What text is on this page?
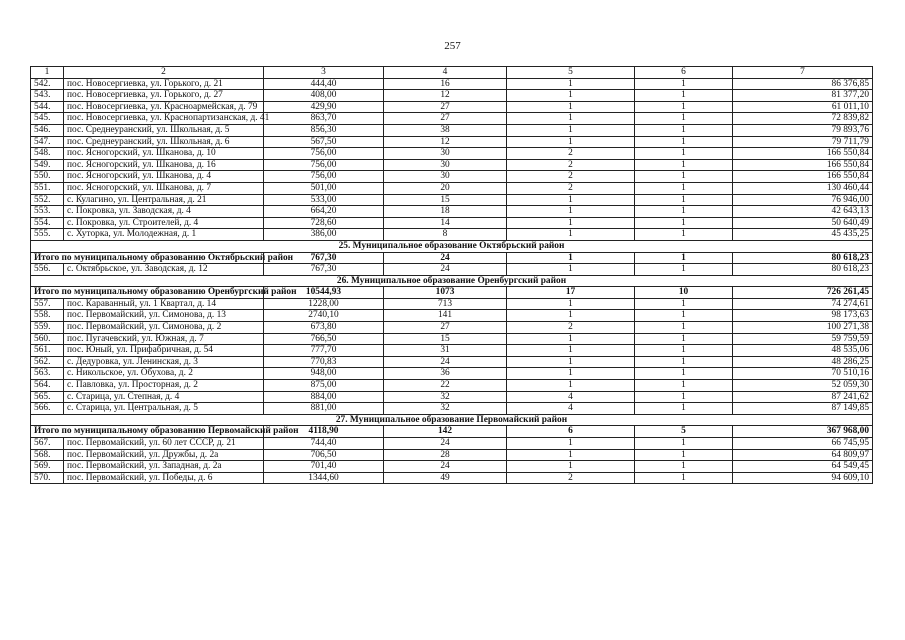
257
1	2	3	4	5	6	7
542.	пос. Новосергиевка, ул. Горького, д. 21	444,40	16	1	1	86 376,85
543.	пос. Новосергиевка, ул. Горького, д. 27	408,00	12	1	1	81 377,20
544.	пос. Новосергиевка, ул. Красноармейская, д. 79	429,90	27	1	1	61 011,10
545.	пос. Новосергиевка, ул. Краснопартизанская, д. 41	863,70	27	1	1	72 839,82
546.	пос. Среднеуранский, ул. Школьная, д. 5	856,30	38	1	1	79 893,76
547.	пос. Среднеуранский, ул. Школьная, д. 6	567,50	12	1	1	79 711,79
548.	пос. Ясногорский, ул. Шканова, д. 10	756,00	30	2	1	166 550,84
549.	пос. Ясногорский, ул. Шканова, д. 16	756,00	30	2	1	166 550,84
550.	пос. Ясногорский, ул. Шканова, д. 4	756,00	30	2	1	166 550,84
551.	пос. Ясногорский, ул. Шканова, д. 7	501,00	20	2	1	130 460,44
552.	с. Кулагино, ул. Центральная, д. 21	533,00	15	1	1	76 946,00
553.	с. Покровка, ул. Заводская, д. 4	664,20	18	1	1	42 643,13
554.	с. Покровка, ул. Строителей, д. 4	728,60	14	1	1	50 640,49
555.	с. Хуторка, ул. Молодежная, д. 1	386,00	8	1	1	45 435,25
25. Муниципальное образование Октябрьский район						
Итого по муниципальному образованию Октябрьский район		767,30	24	1	1	80 618,23
556.	с. Октябрьское, ул. Заводская, д. 12	767,30	24	1	1	80 618,23
26. Муниципальное образование Оренбургский район						
Итого по муниципальному образованию Оренбургский район		10544,93	1073	17	10	726 261,45
557.	пос. Караванный, ул. 1 Квартал, д. 14	1228,00	713	1	1	74 274,61
558.	пос. Первомайский, ул. Симонова, д. 13	2740,10	141	1	1	98 173,63
559.	пос. Первомайский, ул. Симонова, д. 2	673,80	27	2	1	100 271,38
560.	пос. Пугачевский, ул. Южная, д. 7	766,50	15	1	1	59 759,59
561.	пос. Юный, ул. Прифабричная, д. 54	777,70	31	1	1	48 535,06
562.	с. Дедуровка, ул. Ленинская, д. 3	770,83	24	1	1	48 286,25
563.	с. Никольское, ул. Обухова, д. 2	948,00	36	1	1	70 510,16
564.	с. Павловка, ул. Просторная, д. 2	875,00	22	1	1	52 059,30
565.	с. Старица, ул. Степная, д. 4	884,00	32	4	1	87 241,62
566.	с. Старица, ул. Центральная, д. 5	881,00	32	4	1	87 149,85
27. Муниципальное образование Первомайский район						
Итого по муниципальному образованию Первомайский район		4118,90	142	6	5	367 968,00
567.	пос. Первомайский, ул. 60 лет СССР, д. 21	744,40	24	1	1	66 745,95
568.	пос. Первомайский, ул. Дружбы, д. 2а	706,50	28	1	1	64 809,97
569.	пос. Первомайский, ул. Западная, д. 2а	701,40	24	1	1	64 549,45
570.	пос. Первомайский, ул. Победы, д. 6	1344,60	49	2	1	94 609,10
